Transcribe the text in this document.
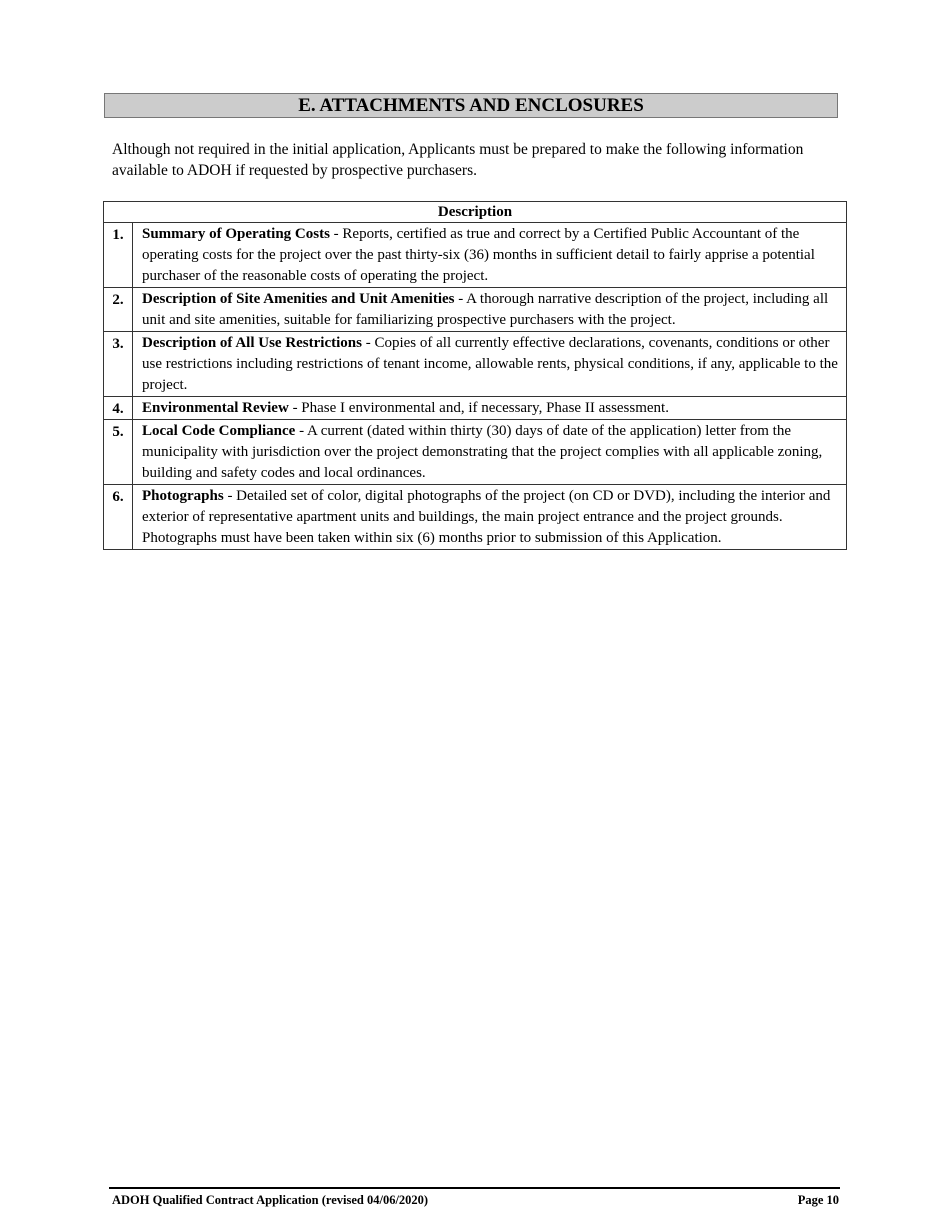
E. ATTACHMENTS AND ENCLOSURES

Although not required in the initial application, Applicants must be prepared to make the following information available to ADOH if requested by prospective purchasers.

Description	
1.	Summary of Operating Costs - Reports, certified as true and correct by a Certified Public Accountant of the operating costs for the project over the past thirty-six (36) months in sufficient detail to fairly apprise a potential purchaser of the reasonable costs of operating the project.
2.	Description of Site Amenities and Unit Amenities - A thorough narrative description of the project, including all unit and site amenities, suitable for familiarizing prospective purchasers with the project.
3.	Description of All Use Restrictions - Copies of all currently effective declarations, covenants, conditions or other use restrictions including restrictions of tenant income, allowable rents, physical conditions, if any, applicable to the project.
4.	Environmental Review - Phase I environmental and, if necessary, Phase II assessment.
5.	Local Code Compliance - A current (dated within thirty (30) days of date of the application) letter from the municipality with jurisdiction over the project demonstrating that the project complies with all applicable zoning, building and safety codes and local ordinances.
6.	Photographs - Detailed set of color, digital photographs of the project (on CD or DVD), including the interior and exterior of representative apartment units and buildings, the main project entrance and the project grounds. Photographs must have been taken within six (6) months prior to submission of this Application.
ADOH Qualified Contract Application (revised 04/06/2020)	Page 10
